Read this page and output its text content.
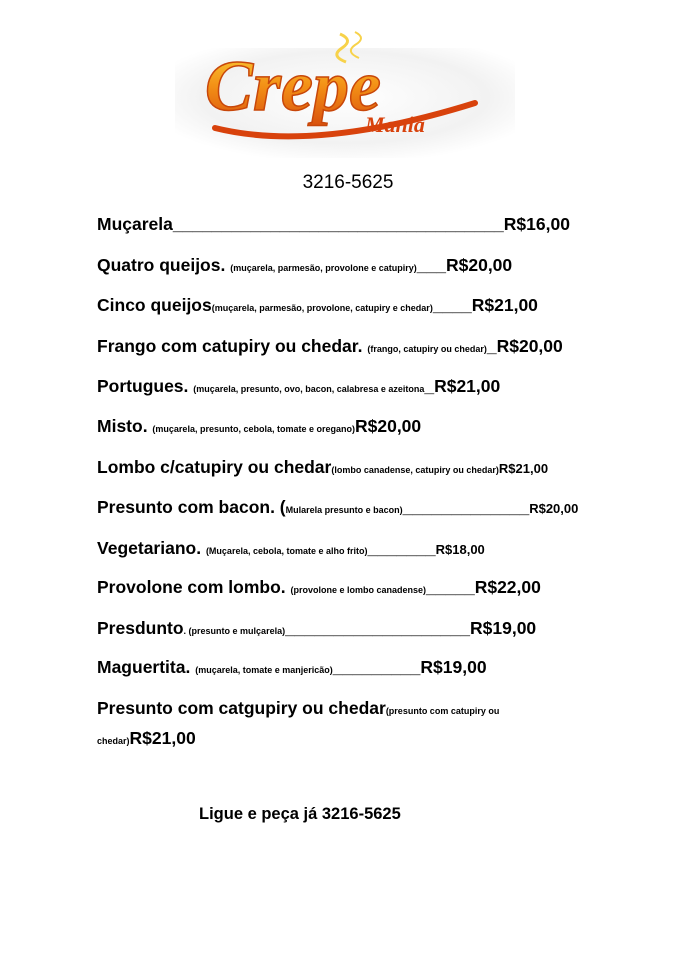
Crepe
Mania
3216-5625
Muçarela__________________________________R$16,00
Quatro queijos. (muçarela, parmesão, provolone e catupiry)___R$20,00
Cinco queijos(muçarela, parmesão, provolone, catupiry e chedar)____R$21,00
Frango com catupiry ou chedar. (frango, catupiry ou chedar)_R$20,00
Portugues. (muçarela, presunto, ovo, bacon, calabresa e azeitona_R$21,00
Misto. (muçarela, presunto, cebola, tomate e oregano)R$20,00
Lombo c/catupiry ou chedar(lombo canadense, catupiry ou chedar)R$21,00
Presunto com bacon. (Mularela presunto e bacon)_____________R$20,00
Vegetariano. (Muçarela, cebola, tomate e alho frito)_______R$18,00
Provolone com lombo. (provolone e lombo canadense)_____R$22,00
Presdunto. (presunto e mulçarela)___________________R$19,00
Maguertita. (muçarela, tomate e manjericão)_________R$19,00
Presunto com catgupiry ou chedar(presunto com catupiry ou
chedar)R$21,00
Ligue e peça já 3216-5625
